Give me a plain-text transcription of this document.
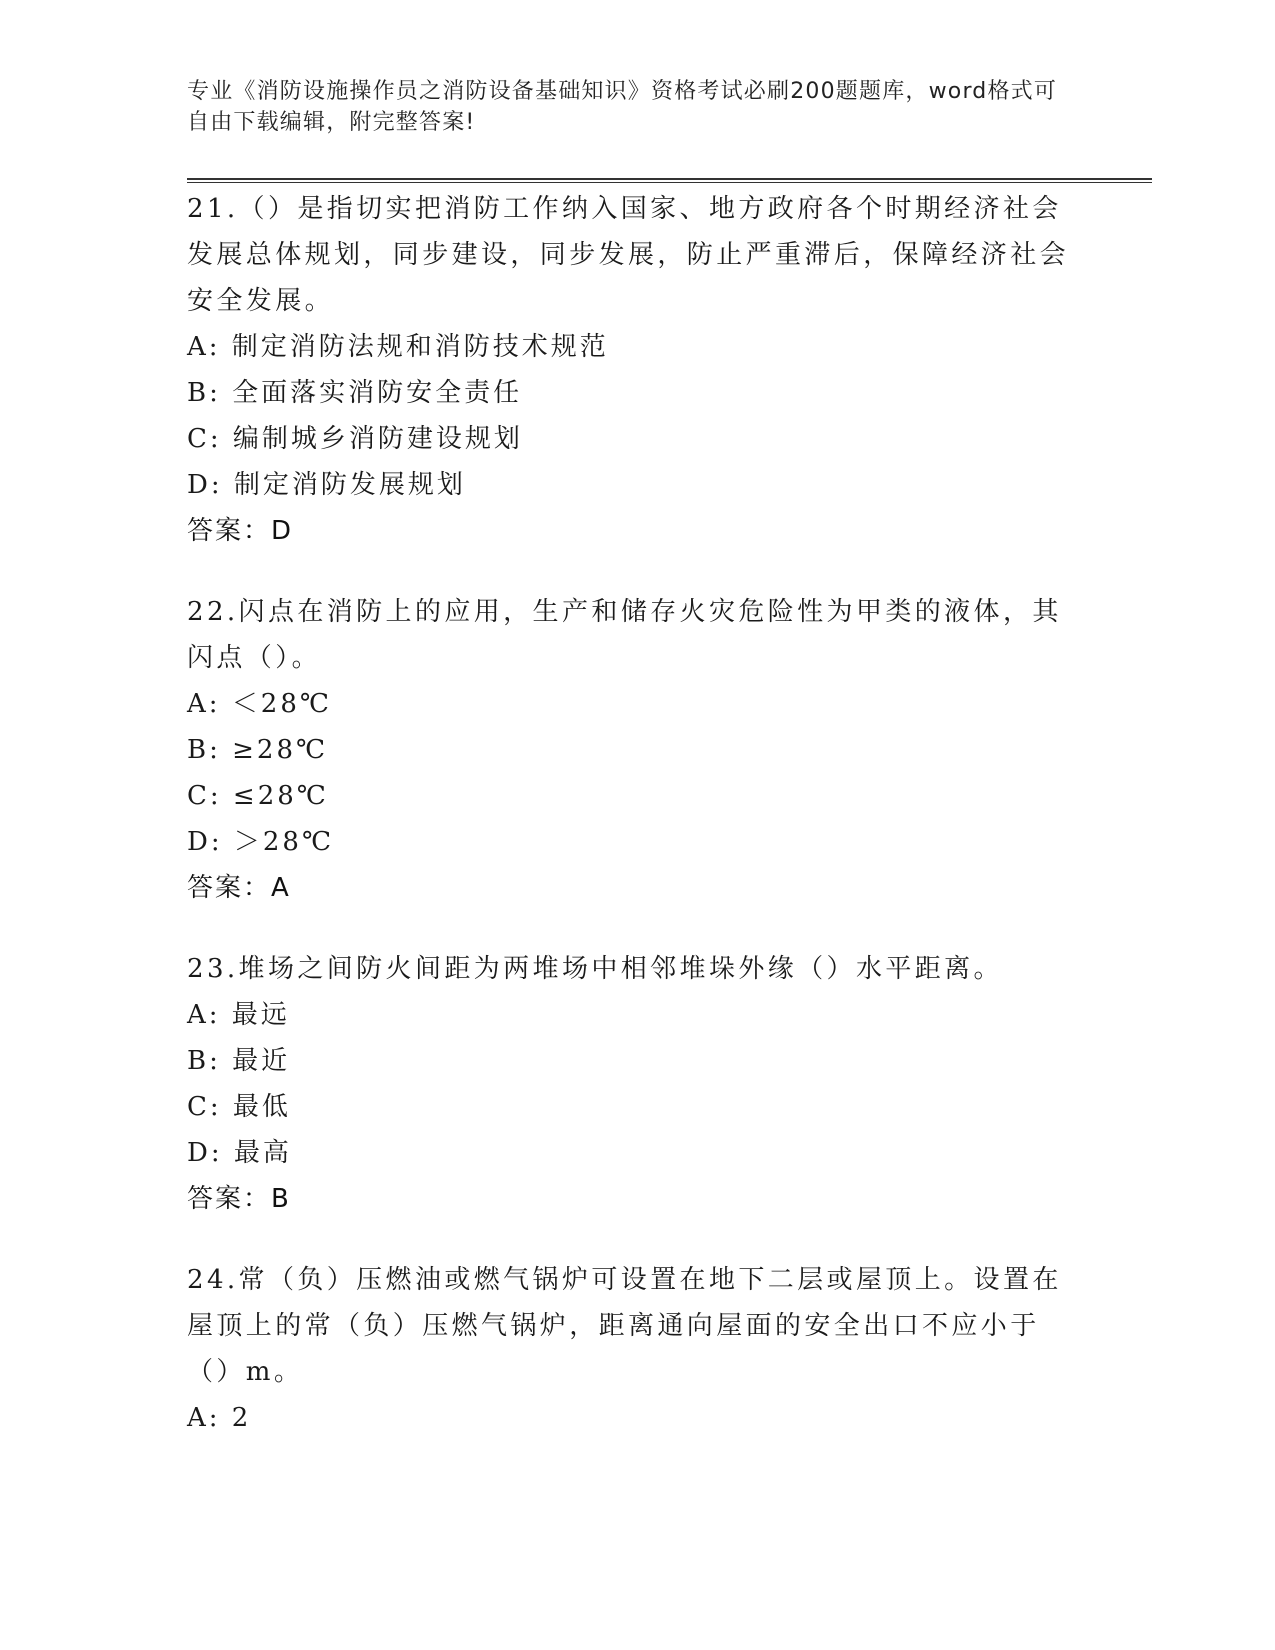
专业《消防设施操作员之消防设备基础知识》资格考试必刷200题题库，word格式可自由下载编辑，附完整答案!

21.（）是指切实把消防工作纳入国家、地方政府各个时期经济社会发展总体规划，同步建设，同步发展，防止严重滞后，保障经济社会安全发展。

A: 制定消防法规和消防技术规范

B: 全面落实消防安全责任

C: 编制城乡消防建设规划

D: 制定消防发展规划

答案：D

22.闪点在消防上的应用，生产和储存火灾危险性为甲类的液体，其闪点（）。

A: ＜28℃

B: ≥28℃

C: ≤28℃

D: ＞28℃

答案：A

23.堆场之间防火间距为两堆场中相邻堆垛外缘（）水平距离。

A: 最远

B: 最近

C: 最低

D: 最高

答案：B

24.常（负）压燃油或燃气锅炉可设置在地下二层或屋顶上。设置在屋顶上的常（负）压燃气锅炉，距离通向屋面的安全出口不应小于（）m。

A: 2
